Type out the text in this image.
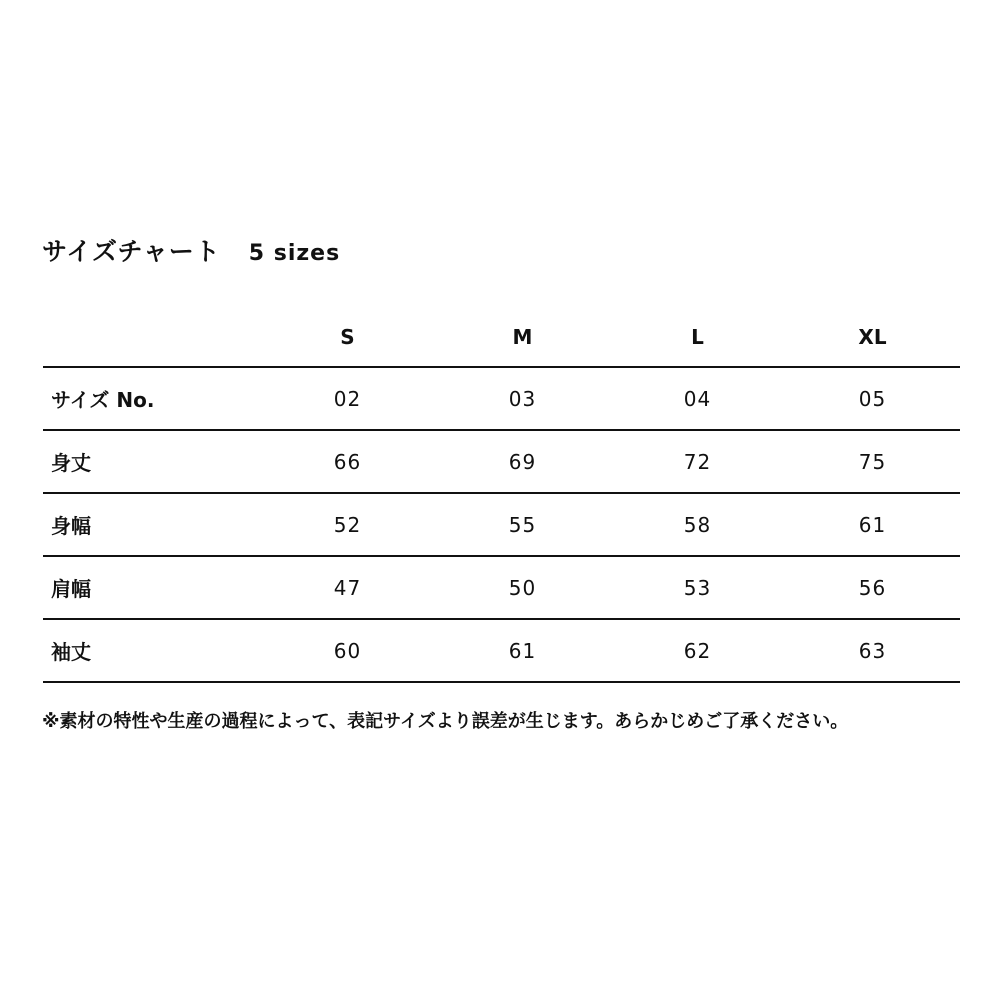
サイズチャート 5 sizes
	S	M	L	XL
サイズ No.	02	03	04	05
身丈	66	69	72	75
身幅	52	55	58	61
肩幅	47	50	53	56
袖丈	60	61	62	63
※素材の特性や生産の過程によって、表記サイズより誤差が生じます。あらかじめご了承ください。
